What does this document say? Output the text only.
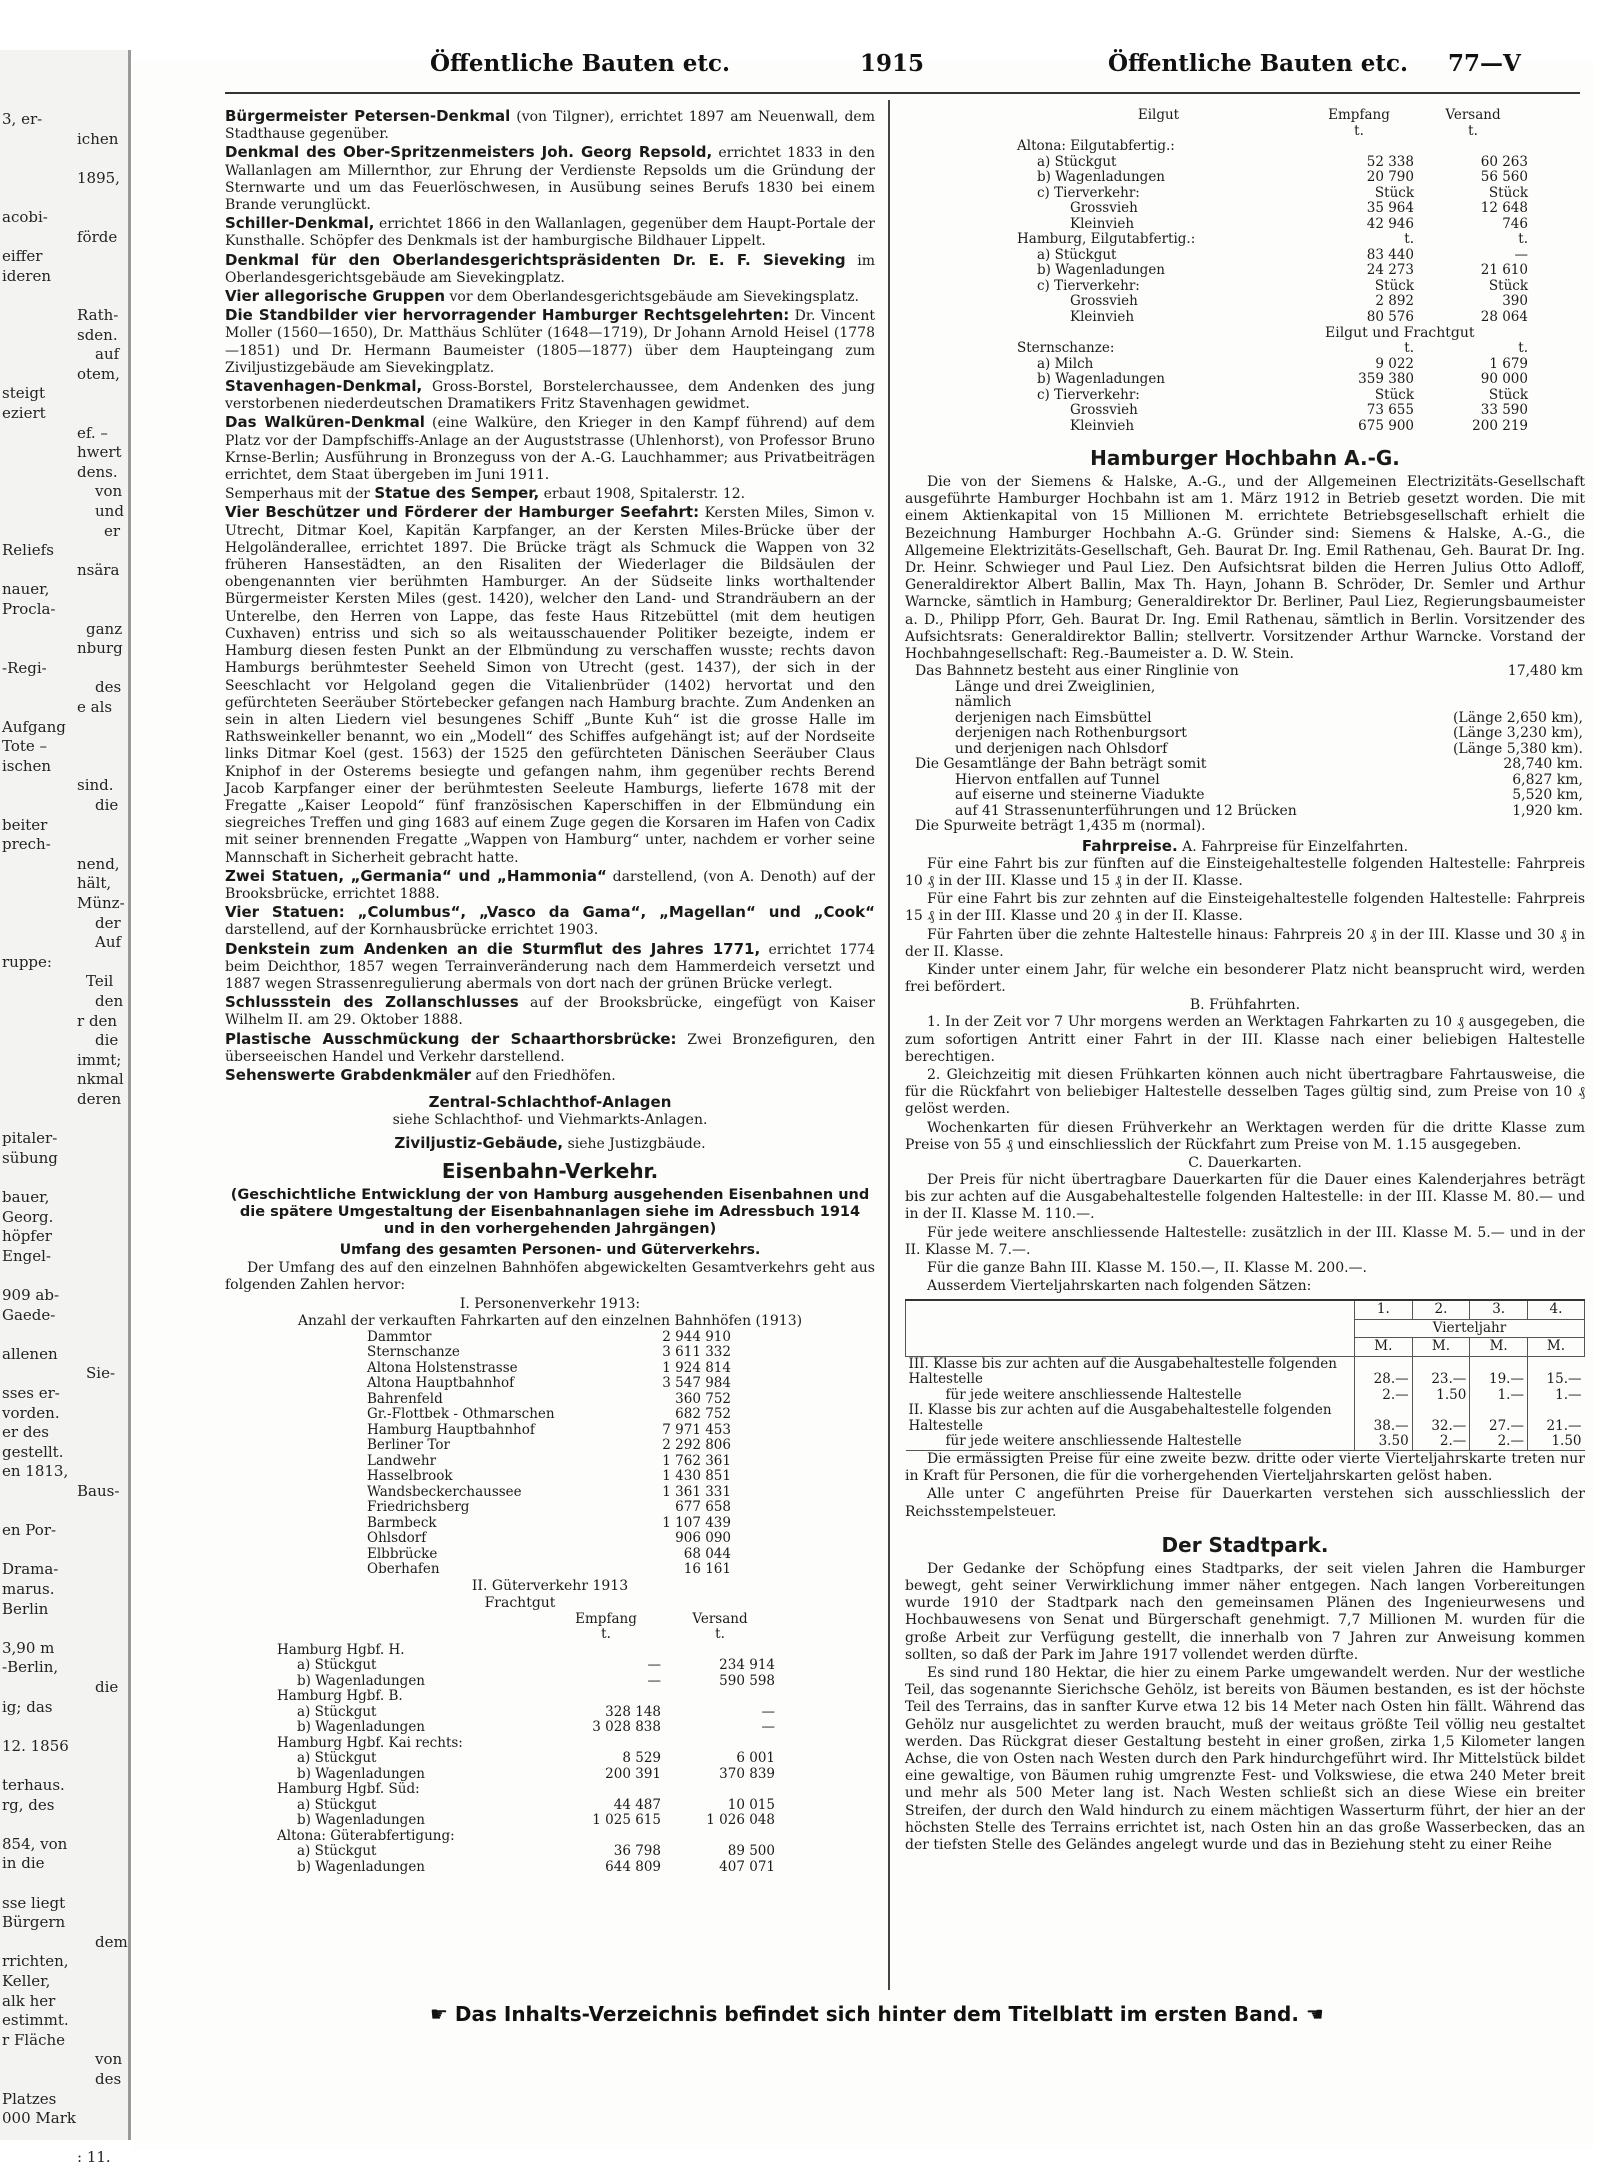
3, er-
ichen
1895,
acobi-
förde
eiffer
ideren
Rath-
sden.
auf
otem,
steigt
eziert
ef. –
hwert
dens.
von
und
er
Reliefs
nsära
nauer,
Procla-
ganz
nburg
-Regi-
des
e als
Aufgang
Tote –
ischen
sind.
die
beiter
prech-
nend,
hält,
Münz-
der
Auf
ruppe:
Teil
den
r den
die
immt;
nkmal
deren
pitaler-
sübung
bauer,
Georg.
höpfer
Engel-
909 ab-
Gaede-
allenen
Sie-
sses er-
vorden.
er des
gestellt.
en 1813,
Baus-
en Por-
Drama-
marus.
Berlin
3,90 m
-Berlin,
die
ig; das
12. 1856
terhaus.
rg, des
854, von
in die
sse liegt
Bürgern
dem
rrichten,
Keller,
alk her
estimmt.
r Fläche
von
des
Platzes
000 Mark
: 11.
Öffentliche Bauten etc.	1915	Öffentliche Bauten etc. 77—V
Bürgermeister Petersen-Denkmal (von Tilgner), errichtet 1897 am Neuenwall, dem Stadthause gegenüber.
Denkmal des Ober-Spritzenmeisters Joh. Georg Repsold, errichtet 1833 in den Wallanlagen am Millernthor, zur Ehrung der Verdienste Repsolds um die Gründung der Sternwarte und um das Feuerlöschwesen, in Ausübung seines Berufs 1830 bei einem Brande verunglückt.
Schiller-Denkmal, errichtet 1866 in den Wallanlagen, gegenüber dem Haupt-Portale der Kunsthalle. Schöpfer des Denkmals ist der hamburgische Bildhauer Lippelt.
Denkmal für den Oberlandesgerichtspräsidenten Dr. E. F. Sieveking im Oberlandesgerichtsgebäude am Sievekingplatz.
Vier allegorische Gruppen vor dem Oberlandesgerichtsgebäude am Sievekingsplatz.
Die Standbilder vier hervorragender Hamburger Rechtsgelehrten: Dr. Vincent Moller (1560—1650), Dr. Matthäus Schlüter (1648—1719), Dr Johann Arnold Heisel (1778—1851) und Dr. Hermann Baumeister (1805—1877) über dem Haupteingang zum Ziviljustizgebäude am Sievekingplatz.
Stavenhagen-Denkmal, Gross-Borstel, Borstelerchaussee, dem Andenken des jung verstorbenen niederdeutschen Dramatikers Fritz Stavenhagen gewidmet.
Das Walküren-Denkmal (eine Walküre, den Krieger in den Kampf führend) auf dem Platz vor der Dampfschiffs-Anlage an der Auguststrasse (Uhlenhorst), von Professor Bruno Krnse-Berlin; Ausführung in Bronzeguss von der A.-G. Lauchhammer; aus Privatbeiträgen errichtet, dem Staat übergeben im Juni 1911.
Semperhaus mit der Statue des Semper, erbaut 1908, Spitalerstr. 12.
Vier Beschützer und Förderer der Hamburger Seefahrt: Kersten Miles, Simon v. Utrecht, Ditmar Koel, Kapitän Karpfanger, an der Kersten Miles-Brücke über der Helgoländerallee, errichtet 1897. Die Brücke trägt als Schmuck die Wappen von 32 früheren Hansestädten, an den Risaliten der Wiederlager die Bildsäulen der obengenannten vier berühmten Hamburger. An der Südseite links worthaltender Bürgermeister Kersten Miles (gest. 1420), welcher den Land- und Strandräubern an der Unterelbe, den Herren von Lappe, das feste Haus Ritzebüttel (mit dem heutigen Cuxhaven) entriss und sich so als weitausschauender Politiker bezeigte, indem er Hamburg diesen festen Punkt an der Elbmündung zu verschaffen wusste; rechts davon Hamburgs berühmtester Seeheld Simon von Utrecht (gest. 1437), der sich in der Seeschlacht vor Helgoland gegen die Vitalienbrüder (1402) hervortat und den gefürchteten Seeräuber Störtebecker gefangen nach Hamburg brachte. Zum Andenken an sein in alten Liedern viel besungenes Schiff „Bunte Kuh“ ist die grosse Halle im Rathsweinkeller benannt, wo ein „Modell“ des Schiffes aufgehängt ist; auf der Nordseite links Ditmar Koel (gest. 1563) der 1525 den gefürchteten Dänischen Seeräuber Claus Kniphof in der Osterems besiegte und gefangen nahm, ihm gegenüber rechts Berend Jacob Karpfanger einer der berühmtesten Seeleute Hamburgs, lieferte 1678 mit der Fregatte „Kaiser Leopold“ fünf französischen Kaperschiffen in der Elbmündung ein siegreiches Treffen und ging 1683 auf einem Zuge gegen die Korsaren im Hafen von Cadix mit seiner brennenden Fregatte „Wappen von Hamburg“ unter, nachdem er vorher seine Mannschaft in Sicherheit gebracht hatte.
Zwei Statuen, „Germania“ und „Hammonia“ darstellend, (von A. Denoth) auf der Brooksbrücke, errichtet 1888.
Vier Statuen: „Columbus“, „Vasco da Gama“, „Magellan“ und „Cook“ darstellend, auf der Kornhausbrücke errichtet 1903.
Denkstein zum Andenken an die Sturmflut des Jahres 1771, errichtet 1774 beim Deichthor, 1857 wegen Terrainveränderung nach dem Hammerdeich versetzt und 1887 wegen Strassenregulierung abermals von dort nach der grünen Brücke verlegt.
Schlussstein des Zollanschlusses auf der Brooksbrücke, eingefügt von Kaiser Wilhelm II. am 29. Oktober 1888.
Plastische Ausschmückung der Schaarthorsbrücke: Zwei Bronzefiguren, den überseeischen Handel und Verkehr darstellend.
Sehenswerte Grabdenkmäler auf den Friedhöfen.
Zentral-Schlachthof-Anlagen
siehe Schlachthof- und Viehmarkts-Anlagen.
Ziviljustiz-Gebäude, siehe Justizgbäude.
Eisenbahn-Verkehr.
(Geschichtliche Entwicklung der von Hamburg ausgehenden Eisenbahnen und die spätere Umgestaltung der Eisenbahnanlagen siehe im Adressbuch 1914 und in den vorhergehenden Jahrgängen)
Umfang des gesamten Personen- und Güterverkehrs.
Der Umfang des auf den einzelnen Bahnhöfen abgewickelten Gesamtverkehrs geht aus folgenden Zahlen hervor:
I. Personenverkehr 1913:
Anzahl der verkauften Fahrkarten auf den einzelnen Bahnhöfen (1913)
Dammtor	2 944 910
Sternschanze	3 611 332
Altona Holstenstrasse	1 924 814
Altona Hauptbahnhof	3 547 984
Bahrenfeld	360 752
Gr.-Flottbek - Othmarschen	682 752
Hamburg Hauptbahnhof	7 971 453
Berliner Tor	2 292 806
Landwehr	1 762 361
Hasselbrook	1 430 851
Wandsbeckerchaussee	1 361 331
Friedrichsberg	677 658
Barmbeck	1 107 439
Ohlsdorf	906 090
Elbbrücke	68 044
Oberhafen	16 161
II. Güterverkehr 1913
Frachtgut
	Empfang	Versand
	t.	t.
Hamburg Hgbf. H.		
a) Stückgut	—	234 914
b) Wagenladungen	—	590 598
Hamburg Hgbf. B.		
a) Stückgut	328 148	—
b) Wagenladungen	3 028 838	—
Hamburg Hgbf. Kai rechts:		
a) Stückgut	8 529	6 001
b) Wagenladungen	200 391	370 839
Hamburg Hgbf. Süd:		
a) Stückgut	44 487	10 015
b) Wagenladungen	1 025 615	1 026 048
Altona: Güterabfertigung:		
a) Stückgut	36 798	89 500
b) Wagenladungen	644 809	407 071
Eilgut	Empfang	Versand
	t.	t.
Altona: Eilgutabfertig.:		
a) Stückgut	52 338	60 263
b) Wagenladungen	20 790	56 560
c) Tierverkehr:	Stück	Stück
Grossvieh	35 964	12 648
Kleinvieh	42 946	746
Hamburg, Eilgutabfertig.:	t.	t.
a) Stückgut	83 440	—
b) Wagenladungen	24 273	21 610
c) Tierverkehr:	Stück	Stück
Grossvieh	2 892	390
Kleinvieh	80 576	28 064
Eilgut und Frachtgut
Sternschanze:	t.	t.
a) Milch	9 022	1 679
b) Wagenladungen	359 380	90 000
c) Tierverkehr:	Stück	Stück
Grossvieh	73 655	33 590
Kleinvieh	675 900	200 219
Hamburger Hochbahn A.-G.
Die von der Siemens & Halske, A.-G., und der Allgemeinen Electrizitäts-Gesellschaft ausgeführte Hamburger Hochbahn ist am 1. März 1912 in Betrieb gesetzt worden. Die mit einem Aktienkapital von 15 Millionen M. errichtete Betriebsgesellschaft erhielt die Bezeichnung Hamburger Hochbahn A.-G. Gründer sind: Siemens & Halske, A.-G., die Allgemeine Elektrizitäts-Gesellschaft, Geh. Baurat Dr. Ing. Emil Rathenau, Geh. Baurat Dr. Ing. Dr. Heinr. Schwieger und Paul Liez. Den Aufsichtsrat bilden die Herren Julius Otto Adloff, Generaldirektor Albert Ballin, Max Th. Hayn, Johann B. Schröder, Dr. Semler und Arthur Warncke, sämtlich in Hamburg; Generaldirektor Dr. Berliner, Paul Liez, Regierungsbaumeister a. D., Philipp Pforr, Geh. Baurat Dr. Ing. Emil Rathenau, sämtlich in Berlin. Vorsitzender des Aufsichtsrats: Generaldirektor Ballin; stellvertr. Vorsitzender Arthur Warncke. Vorstand der Hochbahngesellschaft: Reg.-Baumeister a. D. W. Stein.
Das Bahnnetz besteht aus einer Ringlinie von	17,480 km
Länge und drei Zweiglinien,	
nämlich	
derjenigen nach Eimsbüttel	(Länge 2,650 km),
derjenigen nach Rothenburgsort	(Länge 3,230 km),
und derjenigen nach Ohlsdorf	(Länge 5,380 km).
Die Gesamtlänge der Bahn beträgt somit	28,740 km.
Hiervon entfallen auf Tunnel	6,827 km,
auf eiserne und steinerne Viadukte	5,520 km,
auf 41 Strassenunterführungen und 12 Brücken	1,920 km.
Die Spurweite beträgt 1,435 m (normal).	
Fahrpreise. A. Fahrpreise für Einzelfahrten.
Für eine Fahrt bis zur fünften auf die Einsteigehaltestelle folgenden Haltestelle: Fahrpreis 10 ₰ in der III. Klasse und 15 ₰ in der II. Klasse.
Für eine Fahrt bis zur zehnten auf die Einsteigehaltestelle folgenden Haltestelle: Fahrpreis 15 ₰ in der III. Klasse und 20 ₰ in der II. Klasse.
Für Fahrten über die zehnte Haltestelle hinaus: Fahrpreis 20 ₰ in der III. Klasse und 30 ₰ in der II. Klasse.
Kinder unter einem Jahr, für welche ein besonderer Platz nicht beansprucht wird, werden frei befördert.
B. Frühfahrten.
1. In der Zeit vor 7 Uhr morgens werden an Werktagen Fahrkarten zu 10 ₰ ausgegeben, die zum sofortigen Antritt einer Fahrt in der III. Klasse nach einer beliebigen Haltestelle berechtigen.
2. Gleichzeitig mit diesen Frühkarten können auch nicht übertragbare Fahrtausweise, die für die Rückfahrt von beliebiger Haltestelle desselben Tages gültig sind, zum Preise von 10 ₰ gelöst werden.
Wochenkarten für diesen Frühverkehr an Werktagen werden für die dritte Klasse zum Preise von 55 ₰ und einschliesslich der Rückfahrt zum Preise von M. 1.15 ausgegeben.
C. Dauerkarten.
Der Preis für nicht übertragbare Dauerkarten für die Dauer eines Kalenderjahres beträgt bis zur achten auf die Ausgabehaltestelle folgenden Haltestelle: in der III. Klasse M. 80.— und in der II. Klasse M. 110.—.
Für jede weitere anschliessende Haltestelle: zusätzlich in der III. Klasse M. 5.— und in der II. Klasse M. 7.—.
Für die ganze Bahn III. Klasse M. 150.—, II. Klasse M. 200.—.
Ausserdem Vierteljahrskarten nach folgenden Sätzen:
	1.	2.	3.	4.
	Vierteljahr			
	M.	M.	M.	M.
III. Klasse bis zur achten auf die Ausgabehaltestelle folgenden Haltestelle	28.—	23.—	19.—	15.—
für jede weitere anschliessende Haltestelle	2.—	1.50	1.—	1.—
II. Klasse bis zur achten auf die Ausgabehaltestelle folgenden Haltestelle	38.—	32.—	27.—	21.—
für jede weitere anschliessende Haltestelle	3.50	2.—	2.—	1.50
Die ermässigten Preise für eine zweite bezw. dritte oder vierte Vierteljahrskarte treten nur in Kraft für Personen, die für die vorhergehenden Vierteljahrskarten gelöst haben.
Alle unter C angeführten Preise für Dauerkarten verstehen sich ausschliesslich der Reichsstempelsteuer.
Der Stadtpark.
Der Gedanke der Schöpfung eines Stadtparks, der seit vielen Jahren die Hamburger bewegt, geht seiner Verwirklichung immer näher entgegen. Nach langen Vorbereitungen wurde 1910 der Stadtpark nach den gemeinsamen Plänen des Ingenieurwesens und Hochbauwesens von Senat und Bürgerschaft genehmigt. 7,7 Millionen M. wurden für die große Arbeit zur Verfügung gestellt, die innerhalb von 7 Jahren zur Anweisung kommen sollten, so daß der Park im Jahre 1917 vollendet werden dürfte.
Es sind rund 180 Hektar, die hier zu einem Parke umgewandelt werden. Nur der westliche Teil, das sogenannte Sierichsche Gehölz, ist bereits von Bäumen bestanden, es ist der höchste Teil des Terrains, das in sanfter Kurve etwa 12 bis 14 Meter nach Osten hin fällt. Während das Gehölz nur ausgelichtet zu werden braucht, muß der weitaus größte Teil völlig neu gestaltet werden. Das Rückgrat dieser Gestaltung besteht in einer großen, zirka 1,5 Kilometer langen Achse, die von Osten nach Westen durch den Park hindurchgeführt wird. Ihr Mittelstück bildet eine gewaltige, von Bäumen ruhig umgrenzte Fest- und Volkswiese, die etwa 240 Meter breit und mehr als 500 Meter lang ist. Nach Westen schließt sich an diese Wiese ein breiter Streifen, der durch den Wald hindurch zu einem mächtigen Wasserturm führt, der hier an der höchsten Stelle des Terrains errichtet ist, nach Osten hin an das große Wasserbecken, das an der tiefsten Stelle des Geländes angelegt wurde und das in Beziehung steht zu einer Reihe
☛ Das Inhalts-Verzeichnis befindet sich hinter dem Titelblatt im ersten Band. ☚
